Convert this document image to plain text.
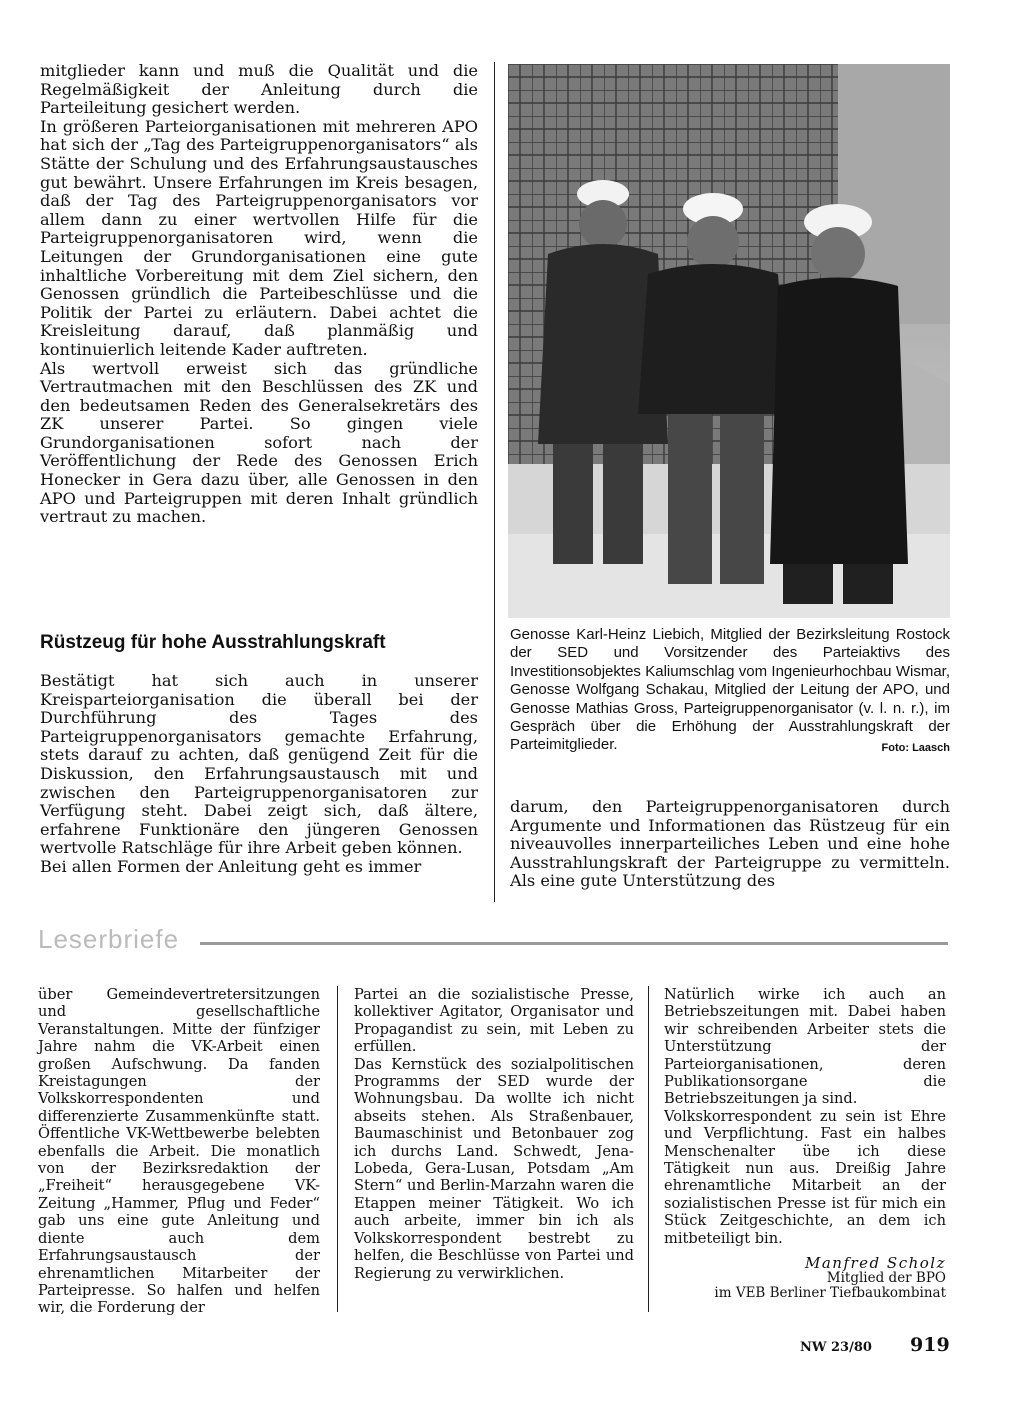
mitglieder kann und muß die Qualität und die Regelmäßigkeit der Anleitung durch die Parteileitung gesichert werden.

In größeren Parteiorganisationen mit mehreren APO hat sich der „Tag des Parteigruppenorganisators“ als Stätte der Schulung und des Erfahrungsaustausches gut bewährt. Unsere Erfahrungen im Kreis besagen, daß der Tag des Parteigruppenorganisators vor allem dann zu einer wertvollen Hilfe für die Parteigruppenorganisatoren wird, wenn die Leitungen der Grundorganisationen eine gute inhaltliche Vorbereitung mit dem Ziel sichern, den Genossen gründlich die Parteibeschlüsse und die Politik der Partei zu erläutern. Dabei achtet die Kreisleitung darauf, daß planmäßig und kontinuierlich leitende Kader auftreten.

Als wertvoll erweist sich das gründliche Vertrautmachen mit den Beschlüssen des ZK und den bedeutsamen Reden des Generalsekretärs des ZK unserer Partei. So gingen viele Grundorganisationen sofort nach der Veröffentlichung der Rede des Genossen Erich Honecker in Gera dazu über, alle Genossen in den APO und Parteigruppen mit deren Inhalt gründlich vertraut zu machen.

Rüstzeug für hohe Ausstrahlungskraft

Bestätigt hat sich auch in unserer Kreisparteiorganisation die überall bei der Durchführung des Tages des Parteigruppenorganisators gemachte Erfahrung, stets darauf zu achten, daß genügend Zeit für die Diskussion, den Erfahrungsaustausch mit und zwischen den Parteigruppenorganisatoren zur Verfügung steht. Dabei zeigt sich, daß ältere, erfahrene Funktionäre den jüngeren Genossen wertvolle Ratschläge für ihre Arbeit geben können.

Bei allen Formen der Anleitung geht es immer

Genosse Karl-Heinz Liebich, Mitglied der Bezirksleitung Rostock der SED und Vorsitzender des Parteiaktivs des Investitionsobjektes Kaliumschlag vom Ingenieurhochbau Wismar, Genosse Wolfgang Schakau, Mitglied der Leitung der APO, und Genosse Mathias Gross, Parteigruppenorganisator (v. l. n. r.), im Gespräch über die Erhöhung der Ausstrahlungskraft der Parteimitglieder.	Foto: Laasch

darum, den Parteigruppenorganisatoren durch Argumente und Informationen das Rüstzeug für ein niveauvolles innerparteiliches Leben und eine hohe Ausstrahlungskraft der Parteigruppe zu vermitteln. Als eine gute Unterstützung des

Leserbriefe

über Gemeindevertretersitzungen und gesellschaftliche Veranstaltungen. Mitte der fünfziger Jahre nahm die VK-Arbeit einen großen Aufschwung. Da fanden Kreistagungen der Volkskorrespondenten und differenzierte Zusammenkünfte statt. Öffentliche VK-Wettbewerbe belebten ebenfalls die Arbeit. Die monatlich von der Bezirksredaktion der „Freiheit“ herausgegebene VK-Zeitung „Hammer, Pflug und Feder“ gab uns eine gute Anleitung und diente auch dem Erfahrungsaustausch der ehrenamtlichen Mitarbeiter der Parteipresse. So halfen und helfen wir, die Forderung der

Partei an die sozialistische Presse, kollektiver Agitator, Organisator und Propagandist zu sein, mit Leben zu erfüllen.

Das Kernstück des sozialpolitischen Programms der SED wurde der Wohnungsbau. Da wollte ich nicht abseits stehen. Als Straßenbauer, Baumaschinist und Betonbauer zog ich durchs Land. Schwedt, Jena-Lobeda, Gera-Lusan, Potsdam „Am Stern“ und Berlin-Marzahn waren die Etappen meiner Tätigkeit. Wo ich auch arbeite, immer bin ich als Volkskorrespondent bestrebt zu helfen, die Beschlüsse von Partei und Regierung zu verwirklichen.

Natürlich wirke ich auch an Betriebszeitungen mit. Dabei haben wir schreibenden Arbeiter stets die Unterstützung der Parteiorganisationen, deren Publikationsorgane die Betriebszeitungen ja sind.

Volkskorrespondent zu sein ist Ehre und Verpflichtung. Fast ein halbes Menschenalter übe ich diese Tätigkeit nun aus. Dreißig Jahre ehrenamtliche Mitarbeit an der sozialistischen Presse ist für mich ein Stück Zeitgeschichte, an dem ich mitbeteiligt bin.

Manfred Scholz
Mitglied der BPO
im VEB Berliner Tiefbaukombinat
NW 23/80 919
